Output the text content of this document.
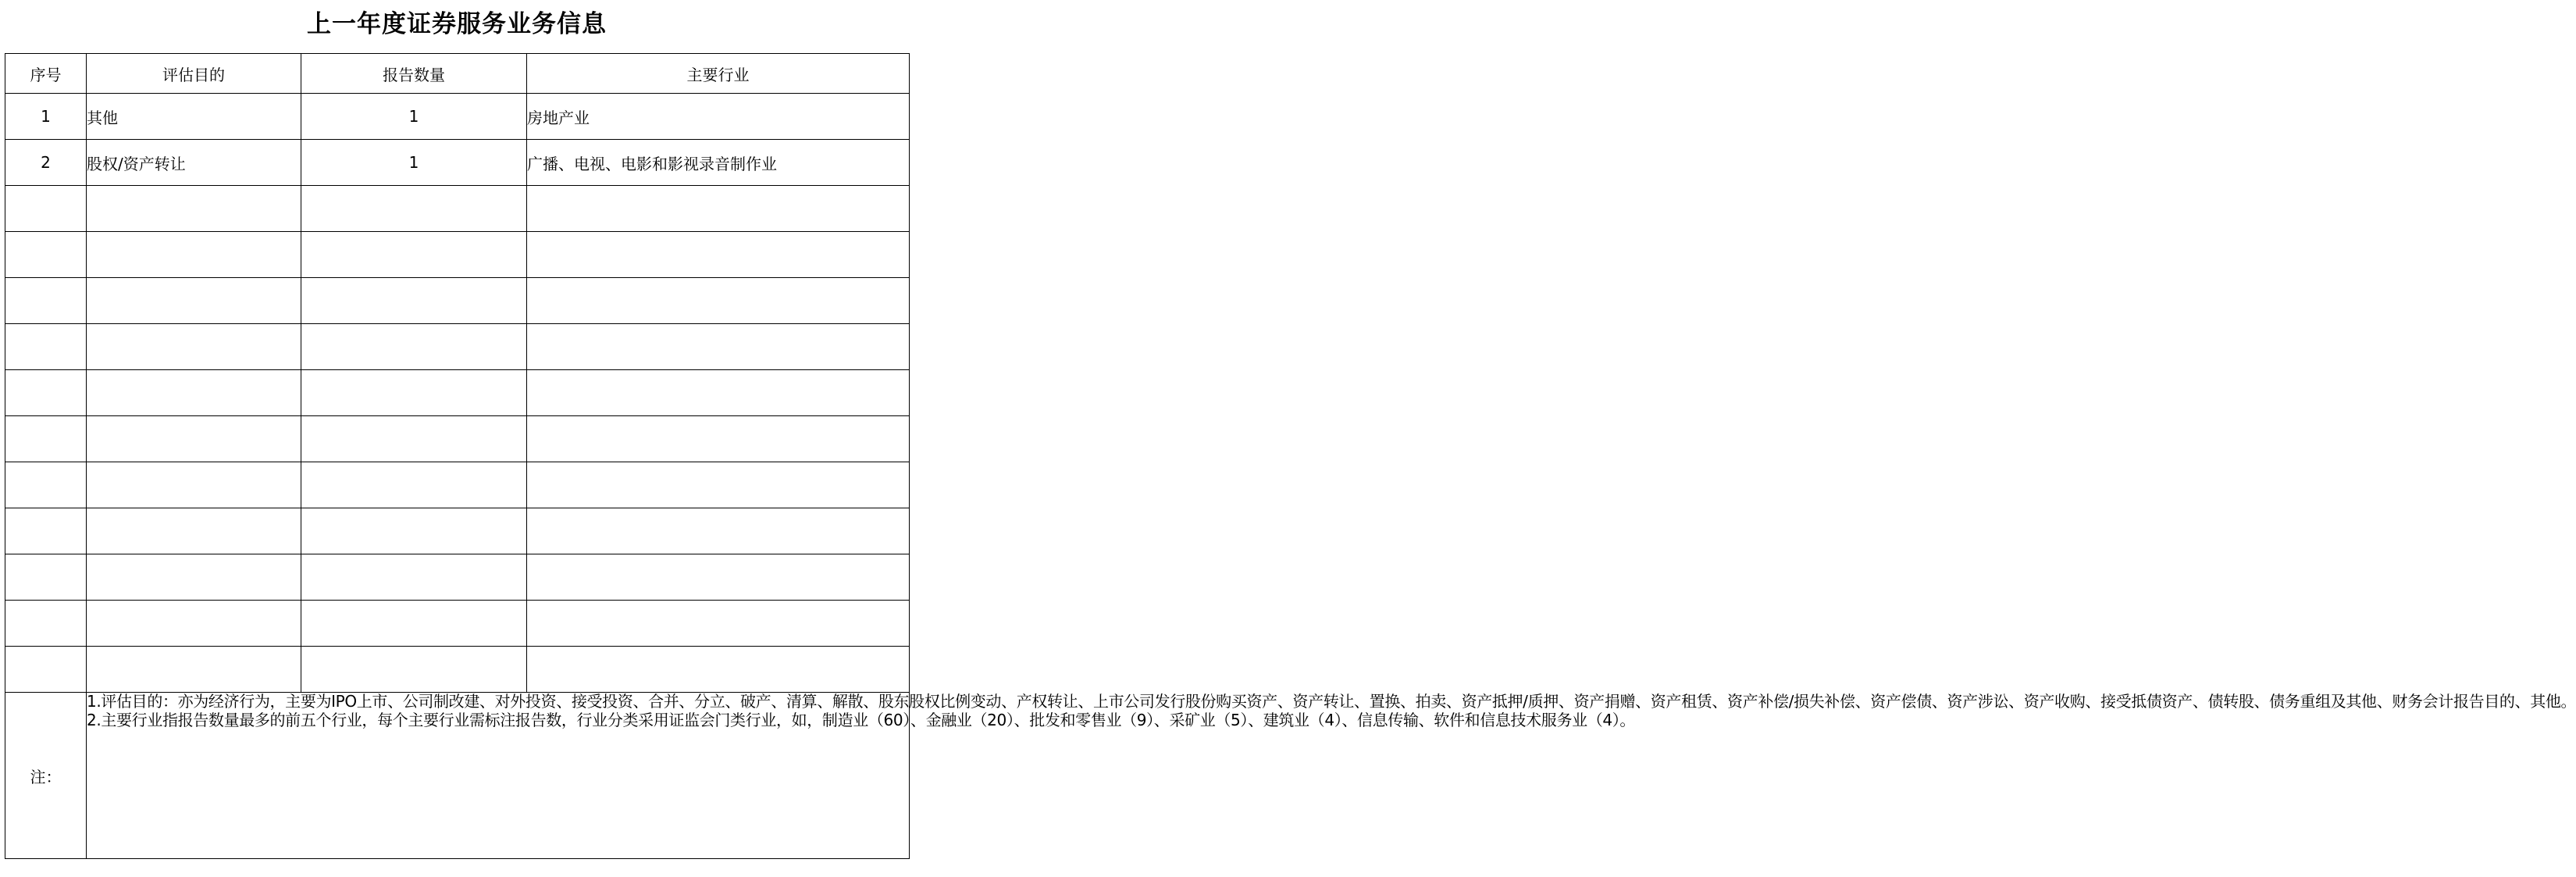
上一年度证券服务业务信息
序号	评估目的	报告数量	主要行业
1	其他	1	房地产业
2	股权/资产转让	1	广播、电视、电影和影视录音制作业

注：	1.评估目的：亦为经济行为，主要为IPO上市、公司制改建、对外投资、接受投资、合并、分立、破产、清算、解散、股东股权比例变动、产权转让、上市公司发行股份购买资产、资产转让、置换、拍卖、资产抵押/质押、资产捐赠、资产租赁、资产补偿/损失补偿、资产偿债、资产涉讼、资产收购、接受抵债资产、债转股、债务重组及其他、财务会计报告目的、其他。
2.主要行业指报告数量最多的前五个行业，每个主要行业需标注报告数，行业分类采用证监会门类行业，如，制造业（60）、金融业（20）、批发和零售业（9）、采矿业（5）、建筑业（4）、信息传输、软件和信息技术服务业（4）。		
